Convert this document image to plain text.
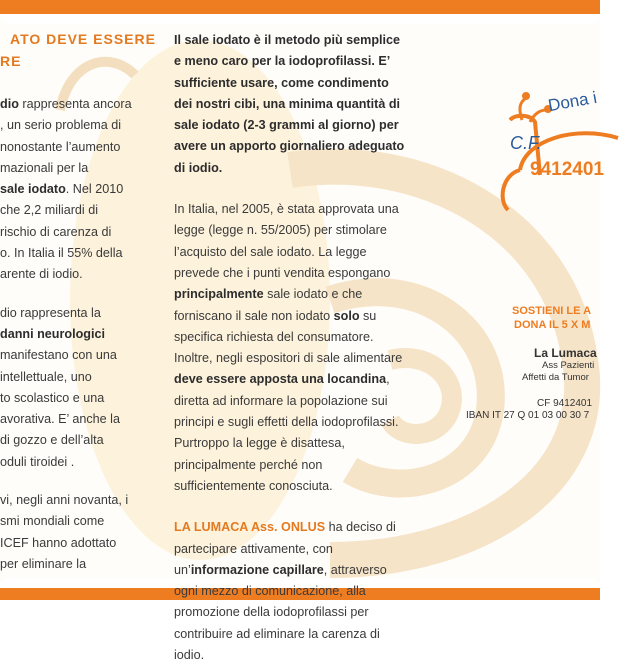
ATO DEVE ESSERE
RE

dio rappresenta ancora
, un serio problema di
nonostante l’aumento
mazionali per la
sale iodato. Nel 2010
che 2,2 miliardi di
rischio di carenza di
o. In Italia il 55% della
arente di iodio.

dio rappresenta la
danni neurologici
manifestano con una
intellettuale, uno
to scolastico e una
avorativa. E’ anche la
di gozzo e dell’alta
oduli tiroidei .

vi, negli anni novanta, i
smi mondiali come
ICEF hanno adottato
per eliminare la

Il sale iodato è il metodo più semplice e meno caro per la iodoprofilassi. E’ sufficiente usare, come condimento dei nostri cibi, una minima quantità di sale iodato (2-3 grammi al giorno) per avere un apporto giornaliero adeguato di iodio.

In Italia, nel 2005, è stata approvata una legge (legge n. 55/2005) per stimolare l’acquisto del sale iodato. La legge prevede che i punti vendita espongano principalmente sale iodato e che forniscano il sale non iodato solo su specifica richiesta del consumatore. Inoltre, negli espositori di sale alimentare deve essere apposta una locandina, diretta ad informare la popolazione sui principi e sugli effetti della iodoprofilassi. Purtroppo la legge è disattesa, principalmente perché non sufficientemente conosciuta.

LA LUMACA Ass. ONLUS ha deciso di partecipare attivamente, con un’informazione capillare, attraverso ogni mezzo di comunicazione, alla promozione della iodoprofilassi per contribuire ad eliminare la carenza di iodio.

Dona i
C.F.
9412401
SOSTIENI LE A
DONA IL 5 X M
La Lumaca
Ass Pazienti
Affetti da Tumor
CF 9412401
IBAN IT 27 Q 01 03 00 30 7
